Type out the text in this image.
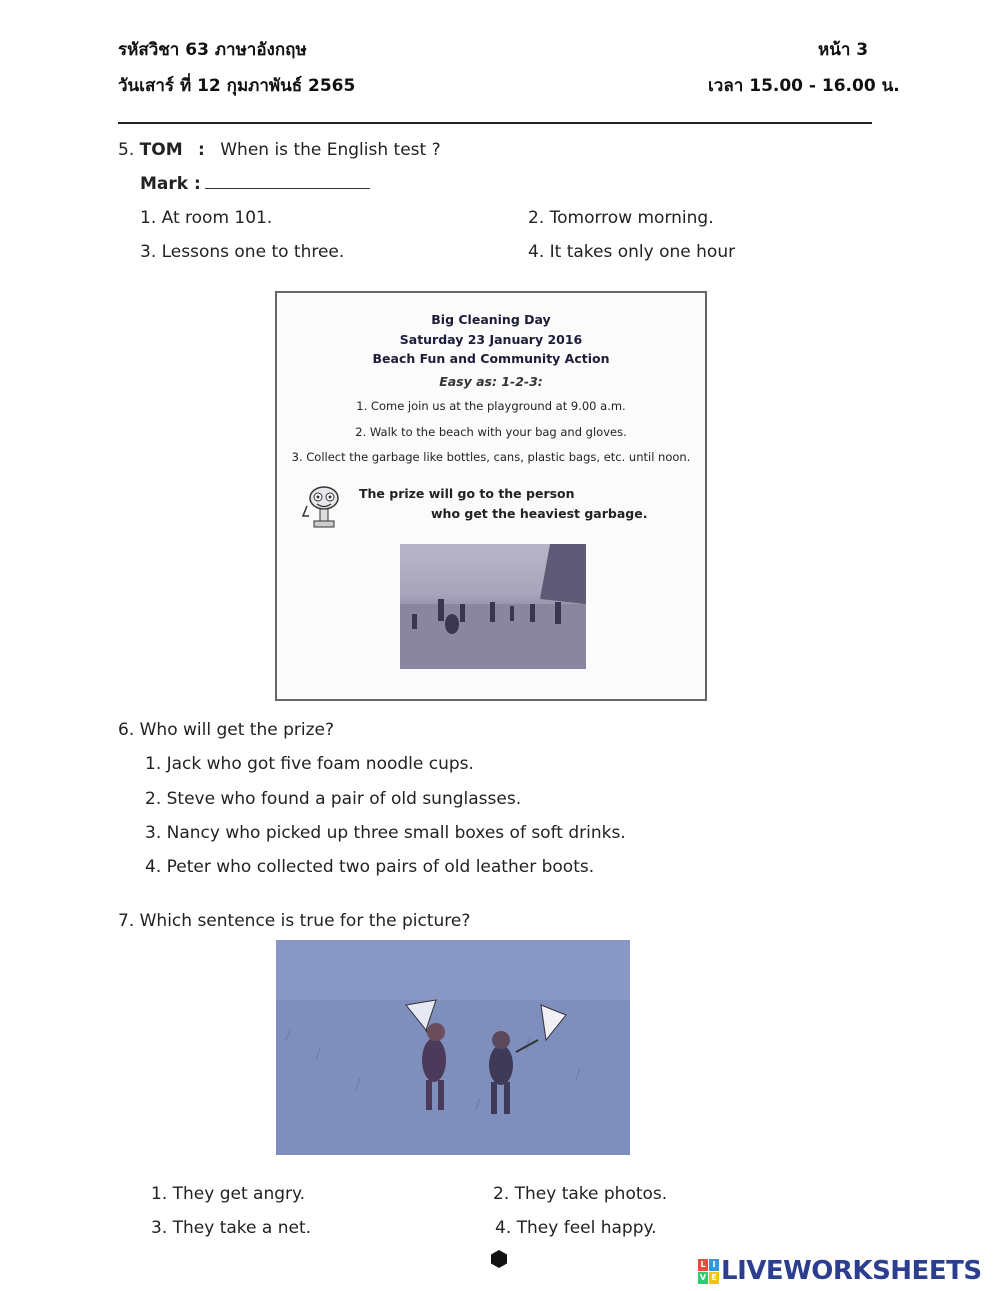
รหัสวิชา 63 ภาษาอังกฤษ	หน้า 3
วันเสาร์ ที่ 12 กุมภาพันธ์ 2565	เวลา 15.00 - 16.00 น.
5. TOM : When is the English test ?
Mark :
1. At room 101.	2. Tomorrow morning.
3. Lessons one to three.	4. It takes only one hour
Big Cleaning Day
Saturday 23 January 2016
Beach Fun and Community Action
Easy as: 1-2-3:
1. Come join us at the playground at 9.00 a.m.
2. Walk to the beach with your bag and gloves.
3. Collect the garbage like bottles, cans, plastic bags, etc. until noon.
The prize will go to the person
who get the heaviest garbage.
6. Who will get the prize?
1. Jack who got five foam noodle cups.
2. Steve who found a pair of old sunglasses.
3. Nancy who picked up three small boxes of soft drinks.
4. Peter who collected two pairs of old leather boots.
7. Which sentence is true for the picture?
1. They get angry.	2. They take photos.
3. They take a net.	4. They feel happy.
L I
V E LIVEWORKSHEETS
